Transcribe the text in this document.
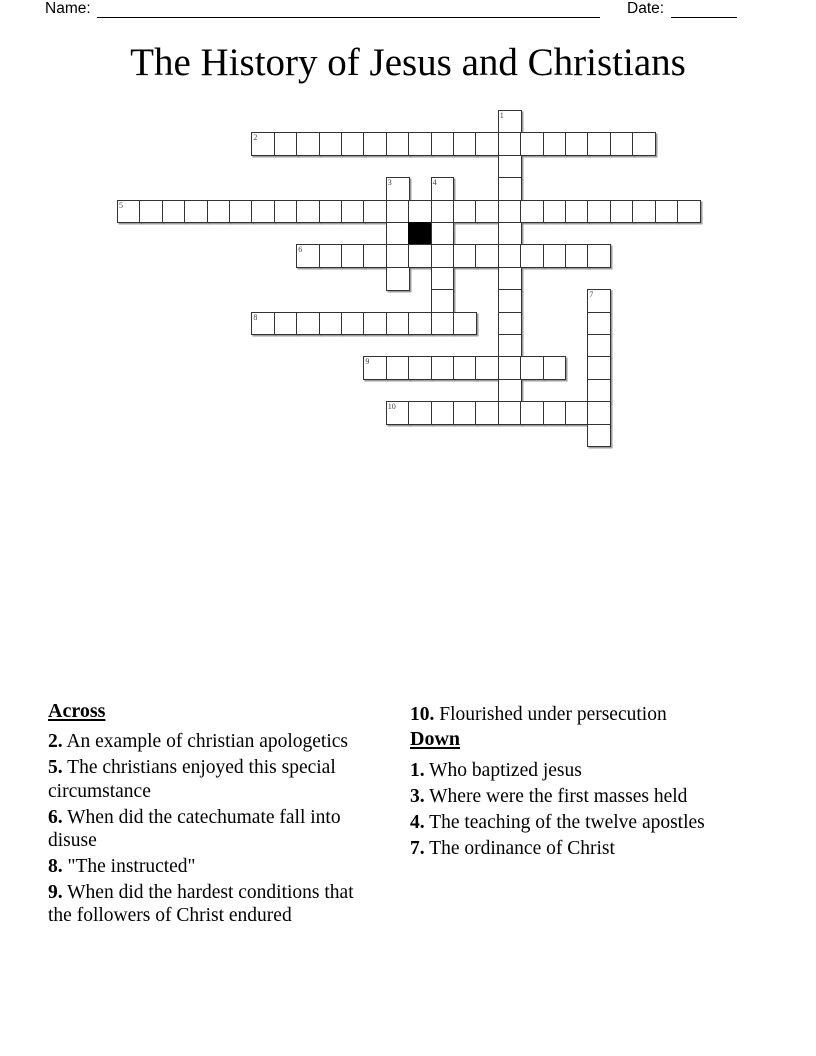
Name:	Date:
The History of Jesus and Christians
1
2
3	4
5
6
7
8
9
10
Across

2. An example of christian apologetics

5. The christians enjoyed this special circumstance

6. When did the catechumate fall into disuse

8. "The instructed"

9. When did the hardest conditions that the followers of Christ endured

10. Flourished under persecution

Down

1. Who baptized jesus

3. Where were the first masses held

4. The teaching of the twelve apostles

7. The ordinance of Christ
